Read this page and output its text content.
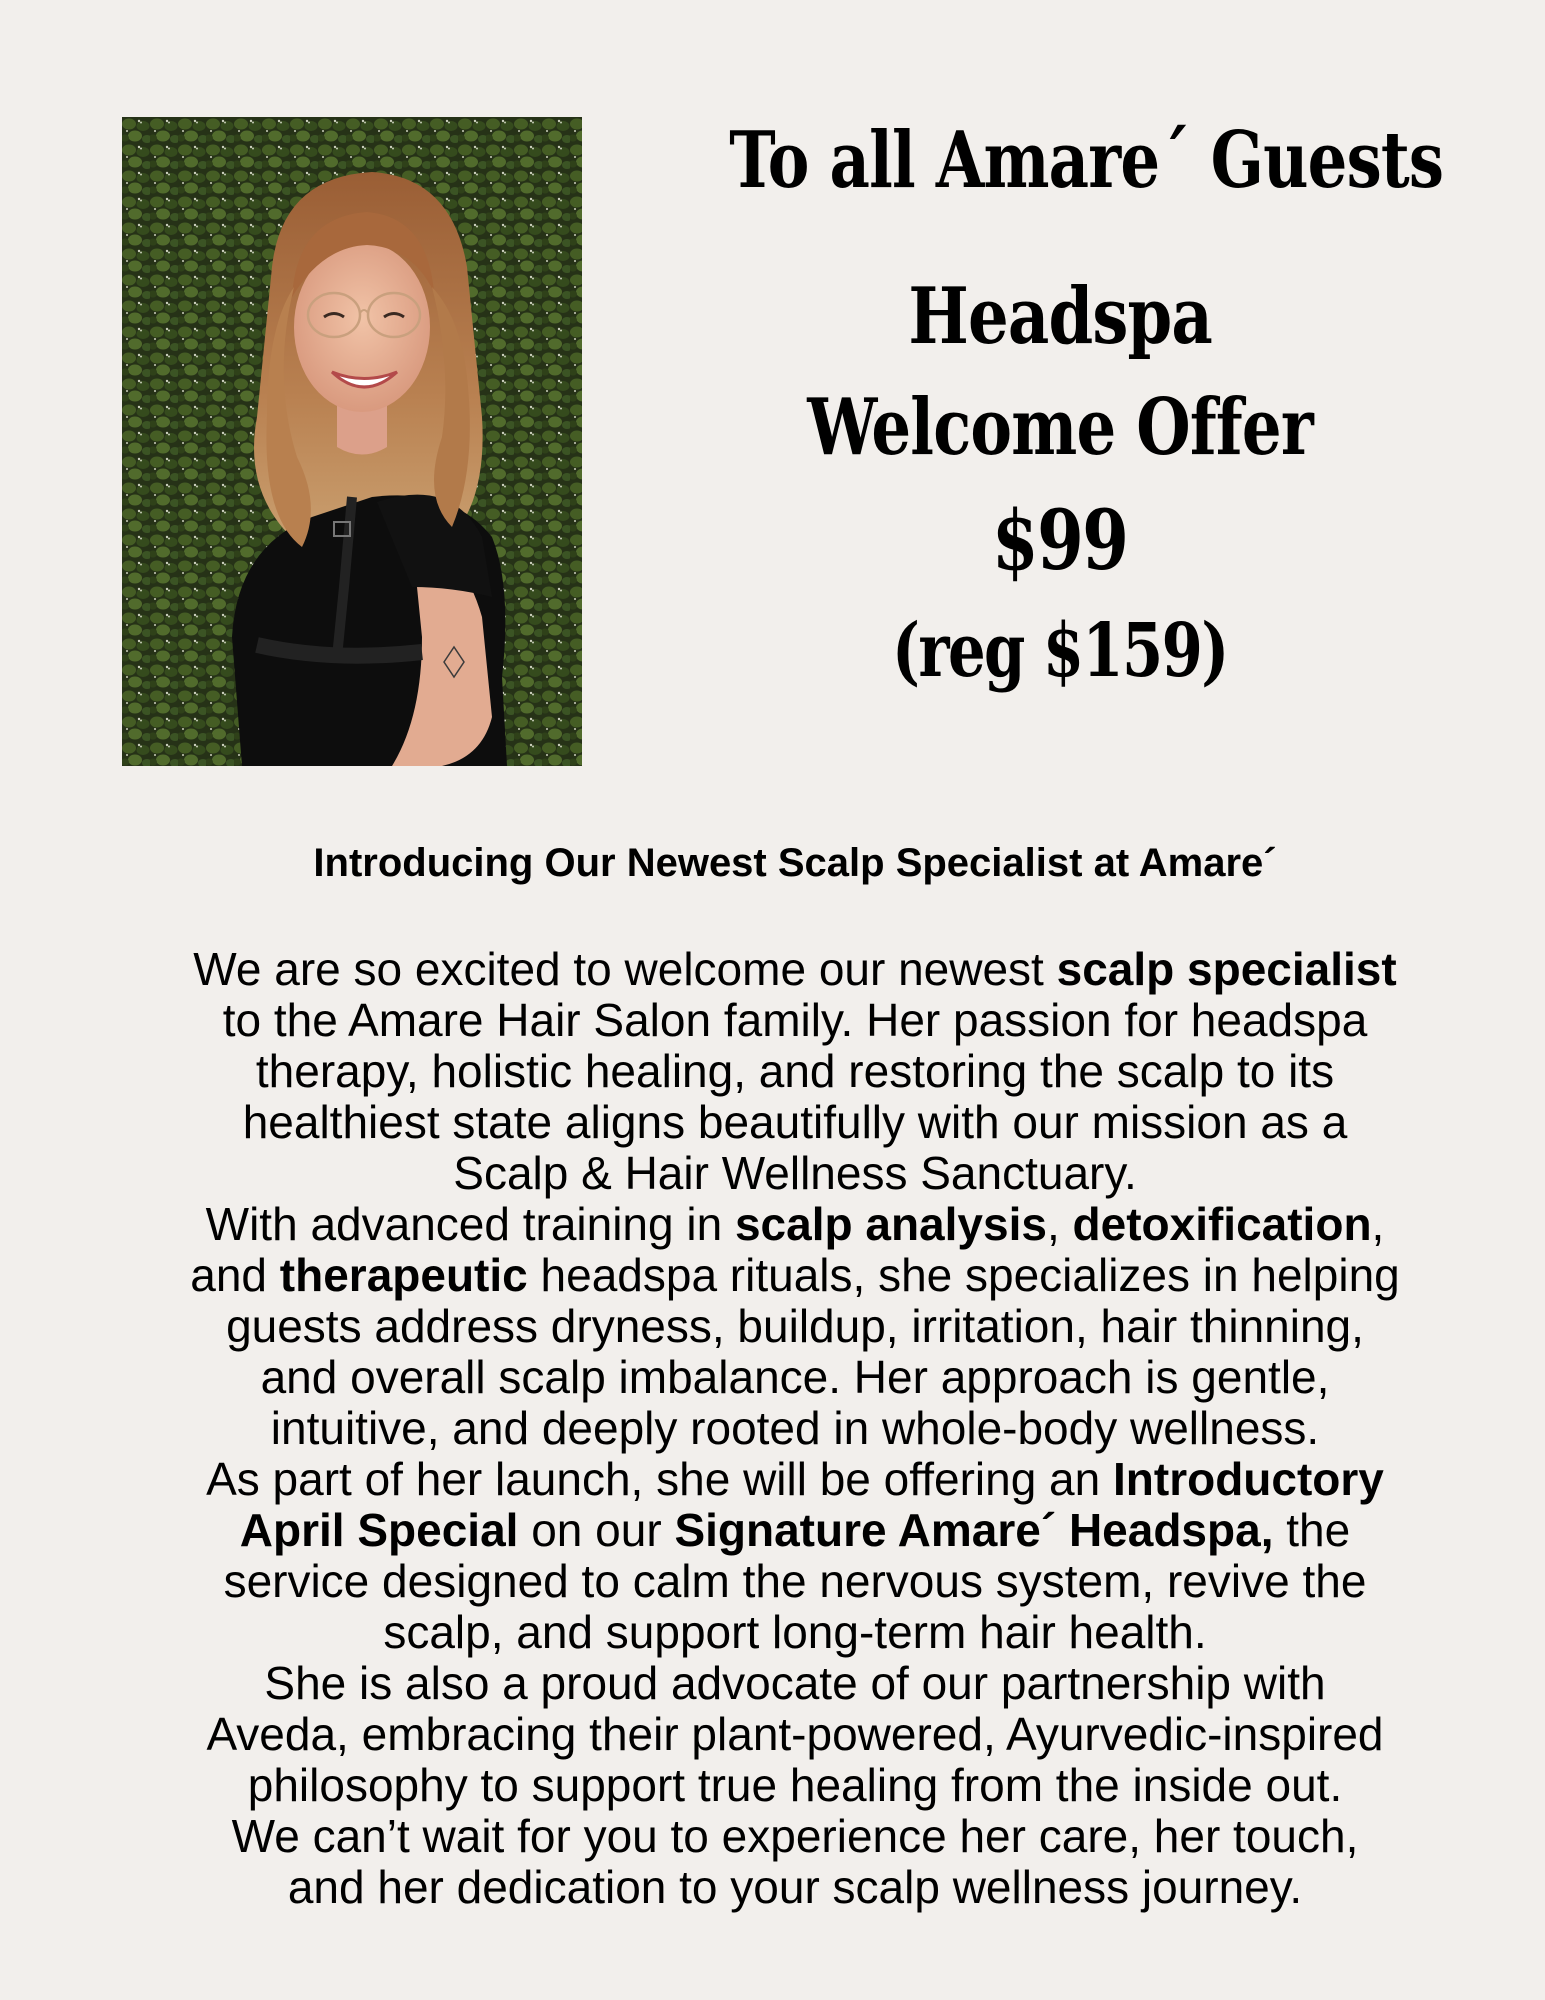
To all Amare´ Guests
Headspa
Welcome Offer
$99
(reg $159)
Introducing Our Newest Scalp Specialist at Amare´
We are so excited to welcome our newest scalp specialist
to the Amare Hair Salon family. Her passion for headspa
therapy, holistic healing, and restoring the scalp to its
healthiest state aligns beautifully with our mission as a
Scalp & Hair Wellness Sanctuary.
With advanced training in scalp analysis, detoxification,
and therapeutic headspa rituals, she specializes in helping
guests address dryness, buildup, irritation, hair thinning,
and overall scalp imbalance. Her approach is gentle,
intuitive, and deeply rooted in whole-body wellness.
As part of her launch, she will be offering an Introductory
April Special on our Signature Amare´ Headspa, the
service designed to calm the nervous system, revive the
scalp, and support long-term hair health.
She is also a proud advocate of our partnership with
Aveda, embracing their plant-powered, Ayurvedic-inspired
philosophy to support true healing from the inside out.
We can’t wait for you to experience her care, her touch,
and her dedication to your scalp wellness journey.
